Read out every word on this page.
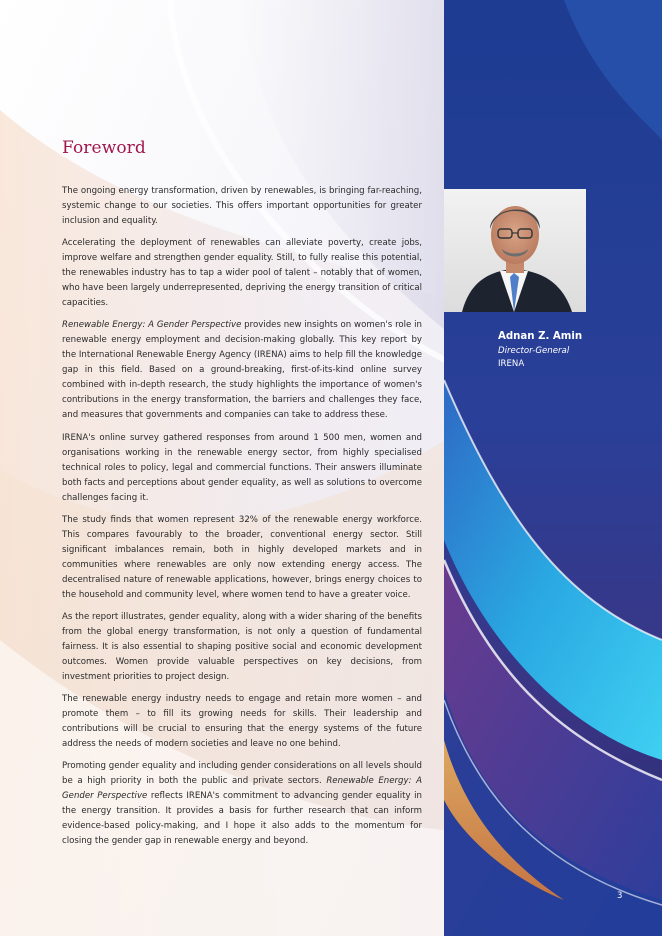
Foreword

The ongoing energy transformation, driven by renewables, is bringing far-reaching, systemic change to our societies. This offers important opportunities for greater inclusion and equality.

Accelerating the deployment of renewables can alleviate poverty, create jobs, improve welfare and strengthen gender equality. Still, to fully realise this potential, the renewables industry has to tap a wider pool of talent – notably that of women, who have been largely underrepresented, depriving the energy transition of critical capacities.

Renewable Energy: A Gender Perspective provides new insights on women's role in renewable energy employment and decision-making globally. This key report by the International Renewable Energy Agency (IRENA) aims to help fill the knowledge gap in this field. Based on a ground-breaking, first-of-its-kind online survey combined with in-depth research, the study highlights the importance of women's contributions in the energy transformation, the barriers and challenges they face, and measures that governments and companies can take to address these.

IRENA's online survey gathered responses from around 1 500 men, women and organisations working in the renewable energy sector, from highly specialised technical roles to policy, legal and commercial functions. Their answers illuminate both facts and perceptions about gender equality, as well as solutions to overcome challenges facing it.

The study finds that women represent 32% of the renewable energy workforce. This compares favourably to the broader, conventional energy sector. Still significant imbalances remain, both in highly developed markets and in communities where renewables are only now extending energy access. The decentralised nature of renewable applications, however, brings energy choices to the household and community level, where women tend to have a greater voice.

As the report illustrates, gender equality, along with a wider sharing of the benefits from the global energy transformation, is not only a question of fundamental fairness. It is also essential to shaping positive social and economic development outcomes. Women provide valuable perspectives on key decisions, from investment priorities to project design.

The renewable energy industry needs to engage and retain more women – and promote them – to fill its growing needs for skills. Their leadership and contributions will be crucial to ensuring that the energy systems of the future address the needs of modern societies and leave no one behind.

Promoting gender equality and including gender considerations on all levels should be a high priority in both the public and private sectors. Renewable Energy: A Gender Perspective reflects IRENA's commitment to advancing gender equality in the energy transition. It provides a basis for further research that can inform evidence-based policy-making, and I hope it also adds to the momentum for closing the gender gap in renewable energy and beyond.

Adnan Z. Amin

Director-General

IRENA

3
